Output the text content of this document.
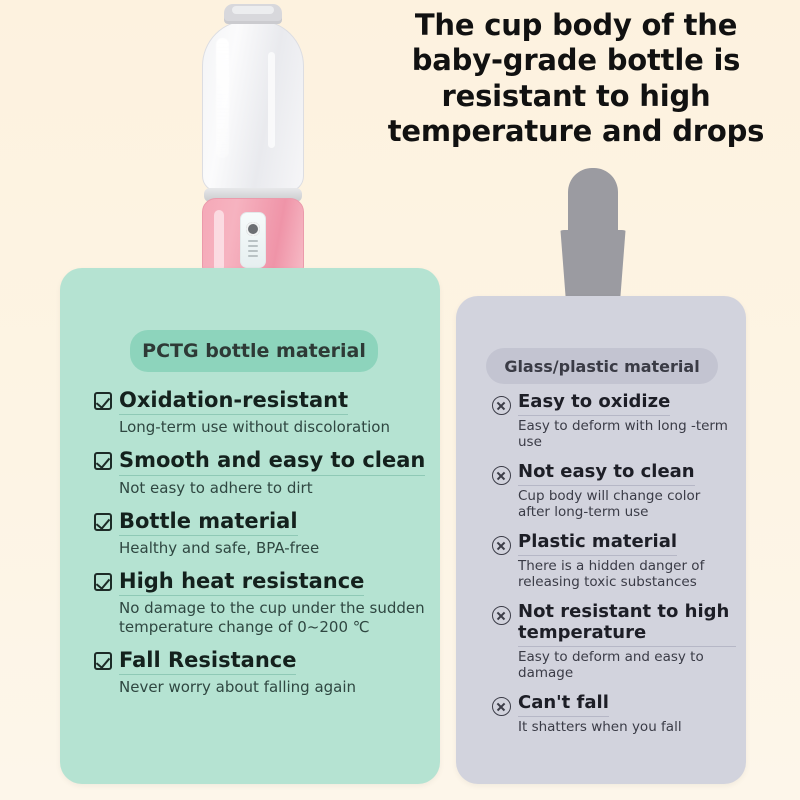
The cup body of the
baby-grade bottle is
resistant to high
temperature and drops
PCTG bottle material
Oxidation-resistant
Long-term use without discoloration
Smooth and easy to clean
Not easy to adhere to dirt
Bottle material
Healthy and safe, BPA-free
High heat resistance
No damage to the cup under the sudden temperature change of 0~200 ℃
Fall Resistance
Never worry about falling again
Glass/plastic material
Easy to oxidize
Easy to deform with long -term use
Not easy to clean
Cup body will change color after long-term use
Plastic material
There is a hidden danger of releasing toxic substances
Not resistant to high temperature
Easy to deform and easy to damage
Can't fall
It shatters when you fall
